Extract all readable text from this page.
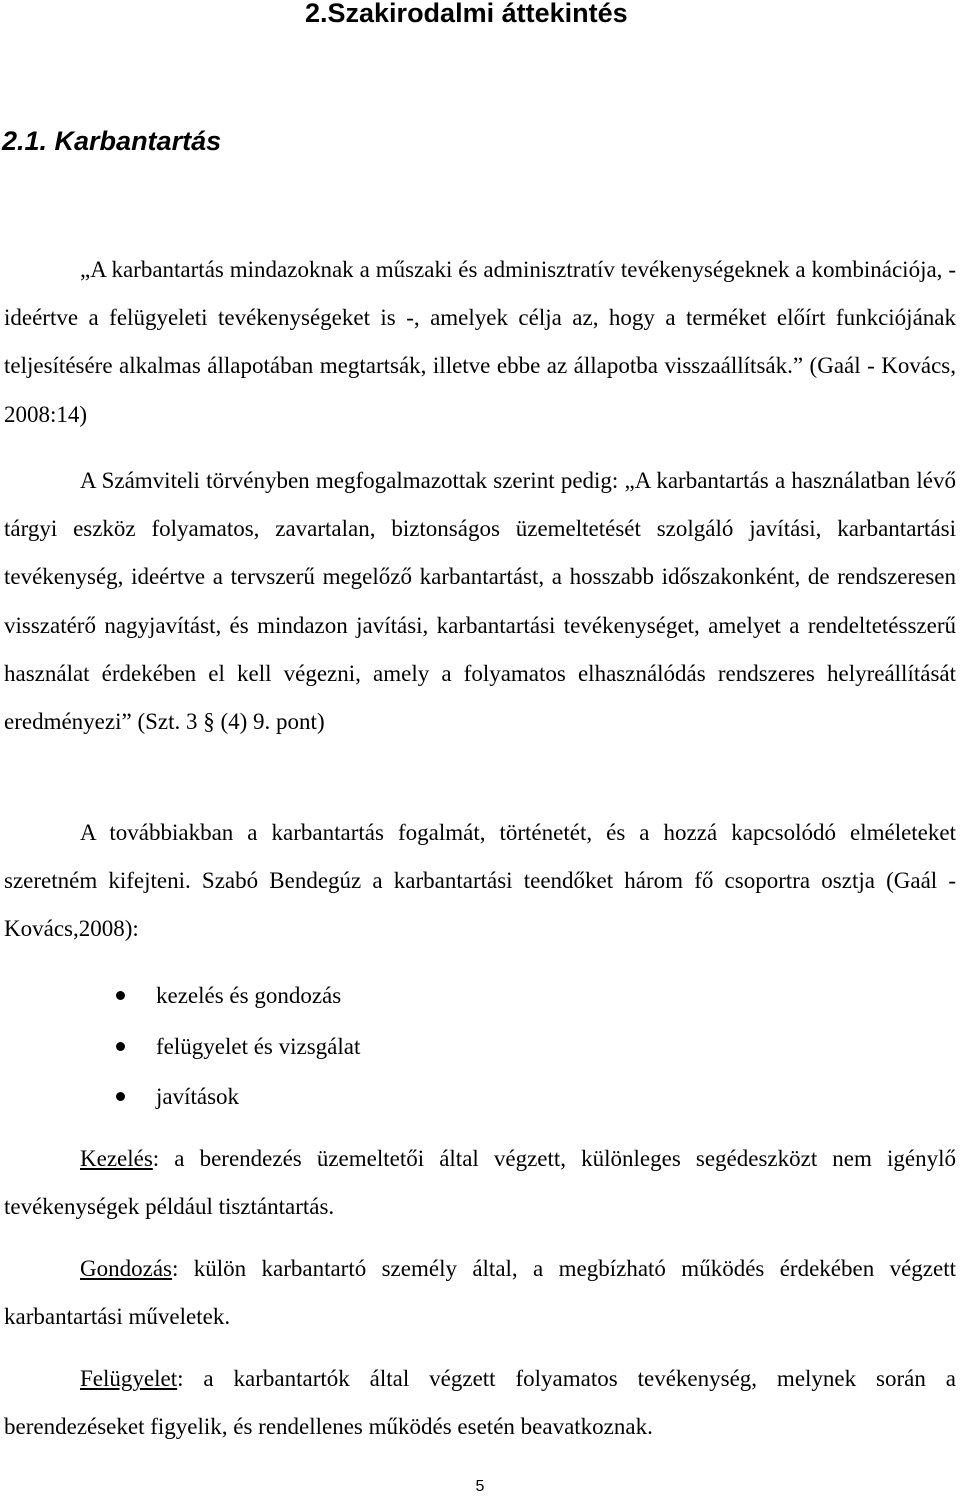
2.Szakirodalmi áttekintés
2.1. Karbantartás

„A karbantartás mindazoknak a műszaki és adminisztratív tevékenységeknek a kombinációja, - ideértve a felügyeleti tevékenységeket is -, amelyek célja az, hogy a terméket előírt funkciójának teljesítésére alkalmas állapotában megtartsák, illetve ebbe az állapotba visszaállítsák.” (Gaál - Kovács, 2008:14)

A Számviteli törvényben megfogalmazottak szerint pedig: „A karbantartás a használatban lévő tárgyi eszköz folyamatos, zavartalan, biztonságos üzemeltetését szolgáló javítási, karbantartási tevékenység, ideértve a tervszerű megelőző karbantartást, a hosszabb időszakonként, de rendszeresen visszatérő nagyjavítást, és mindazon javítási, karbantartási tevékenységet, amelyet a rendeltetésszerű használat érdekében el kell végezni, amely a folyamatos elhasználódás rendszeres helyreállítását eredményezi” (Szt. 3 § (4) 9. pont)

A továbbiakban a karbantartás fogalmát, történetét, és a hozzá kapcsolódó elméleteket szeretném kifejteni. Szabó Bendegúz a karbantartási teendőket három fő csoportra osztja (Gaál - Kovács,2008):

kezelés és gondozás
felügyelet és vizsgálat
javítások

Kezelés: a berendezés üzemeltetői által végzett, különleges segédeszközt nem igénylő tevékenységek például tisztántartás.

Gondozás: külön karbantartó személy által, a megbízható működés érdekében végzett karbantartási műveletek.

Felügyelet: a karbantartók által végzett folyamatos tevékenység, melynek során a berendezéseket figyelik, és rendellenes működés esetén beavatkoznak.

5
